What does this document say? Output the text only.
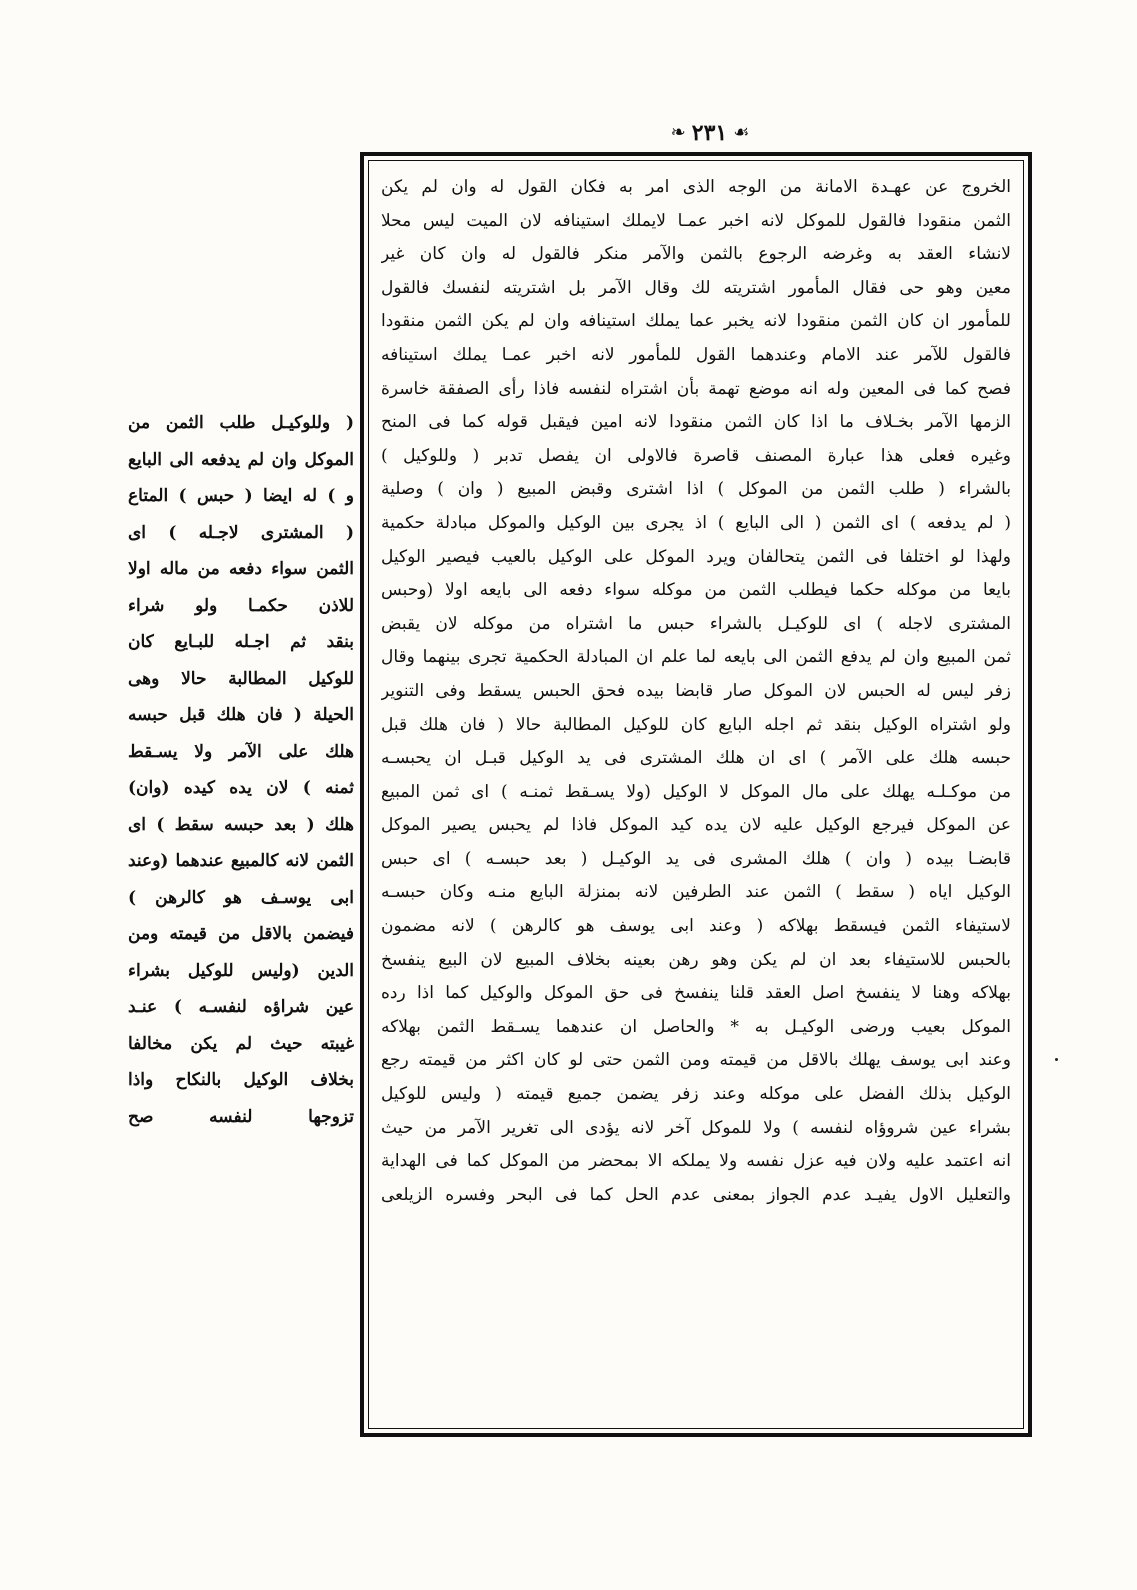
❧ ٢٣١ ☙
الخروج عن عهـدة الامانة من الوجه الذى امر به فكان القول له وان لم يكن
الثمن منقودا فالقول للموكل لانه اخبر عمـا لايملك استينافه لان الميت ليس محلا
لانشاء العقد به وغرضه الرجوع بالثمن والآمر منكر فالقول له وان كان غير
معين وهو حى فقال المأمور اشتريته لك وقال الآمر بل اشتريته لنفسك فالقول
للمأمور ان كان الثمن منقودا لانه يخبر عما يملك استينافه وان لم يكن الثمن منقودا
فالقول للآمر عند الامام وعندهما القول للمأمور لانه اخبر عمـا يملك استينافه
فصح كما فى المعين وله انه موضع تهمة بأن اشتراه لنفسه فاذا رأى الصفقة خاسرة
الزمها الآمر بخـلاف ما اذا كان الثمن منقودا لانه امين فيقبل قوله كما فى المنح
وغيره فعلى هذا عبارة المصنف قاصرة فالاولى ان يفصل تدبر ( وللوكيل )
بالشراء ( طلب الثمن من الموكل ) اذا اشترى وقبض المبيع ( وان ) وصلية
( لم يدفعه ) اى الثمن ( الى البايع ) اذ يجرى بين الوكيل والموكل مبادلة حكمية
ولهذا لو اختلفا فى الثمن يتحالفان ويرد الموكل على الوكيل بالعيب فيصير الوكيل
بايعا من موكله حكما فيطلب الثمن من موكله سواء دفعه الى بايعه اولا (وحبس
المشترى لاجله ) اى للوكيـل بالشراء حبس ما اشتراه من موكله لان يقبض
ثمن المبيع وان لم يدفع الثمن الى بايعه لما علم ان المبادلة الحكمية تجرى بينهما وقال
زفر ليس له الحبس لان الموكل صار قابضا بيده فحق الحبس يسقط وفى التنوير
ولو اشتراه الوكيل بنقد ثم اجله البايع كان للوكيل المطالبة حالا ( فان هلك قبل
حبسه هلك على الآمر ) اى ان هلك المشترى فى يد الوكيل قبـل ان يحبسـه
من موكـلـه يهلك على مال الموكل لا الوكيل (ولا يسـقط ثمنـه ) اى ثمن المبيع
عن الموكل فيرجع الوكيل عليه لان يده كيد الموكل فاذا لم يحبس يصير الموكل
قابضـا بيده ( وان ) هلك المشرى فى يد الوكيـل ( بعد حبسـه ) اى حبس
الوكيل اياه ( سقط ) الثمن عند الطرفين لانه بمنزلة البايع منـه وكان حبسـه
لاستيفاء الثمن فيسقط بهلاكه ( وعند ابى يوسف هو كالرهن ) لانه مضمون
بالحبس للاستيفاء بعد ان لم يكن وهو رهن بعينه بخلاف المبيع لان البيع ينفسخ
بهلاكه وهنا لا ينفسخ اصل العقد قلنا ينفسخ فى حق الموكل والوكيل كما اذا رده
الموكل بعيب ورضى الوكيـل به * والحاصل ان عندهما يسـقط الثمن بهلاكه
وعند ابى يوسف يهلك بالاقل من قيمته ومن الثمن حتى لو كان اكثر من قيمته رجع
الوكيل بذلك الفضل على موكله وعند زفر يضمن جميع قيمته ( وليس للوكيل
بشراء عين شروؤاه لنفسه ) ولا للموكل آخر لانه يؤدى الى تغرير الآمر من حيث
انه اعتمد عليه ولان فيه عزل نفسه ولا يملكه الا بمحضر من الموكل كما فى الهداية
والتعليل الاول يفيـد عدم الجواز بمعنى عدم الحل كما فى البحر وفسره الزيلعى
( وللوكيـل طلب الثمن من
الموكل وان لم يدفعه الى البايع
و ) له ايضا ( حبس ) المتاع
( المشترى لاجـله ) اى
الثمن سواء دفعه من ماله اولا
للاذن حكمـا ولو شراء
بنقد ثم اجـله للبـايع كان
للوكيل المطالبة حالا وهى
الحيلة ( فان هلك قبل حبسه
هلك على الآمر ولا يسـقط
ثمنه ) لان يده كيده (وان)
هلك ( بعد حبسه سقط ) اى
الثمن لانه كالمبيع عندهما (وعند
ابى يوسـف هو كالرهن )
فيضمن بالاقل من قيمته ومن
الدين (وليس للوكيل بشراء
عين شراؤه لنفسـه ) عنـد
غيبته حيث لم يكن مخالفا
بخلاف الوكيل بالنكاح واذا
تزوجها لنفسه صح
